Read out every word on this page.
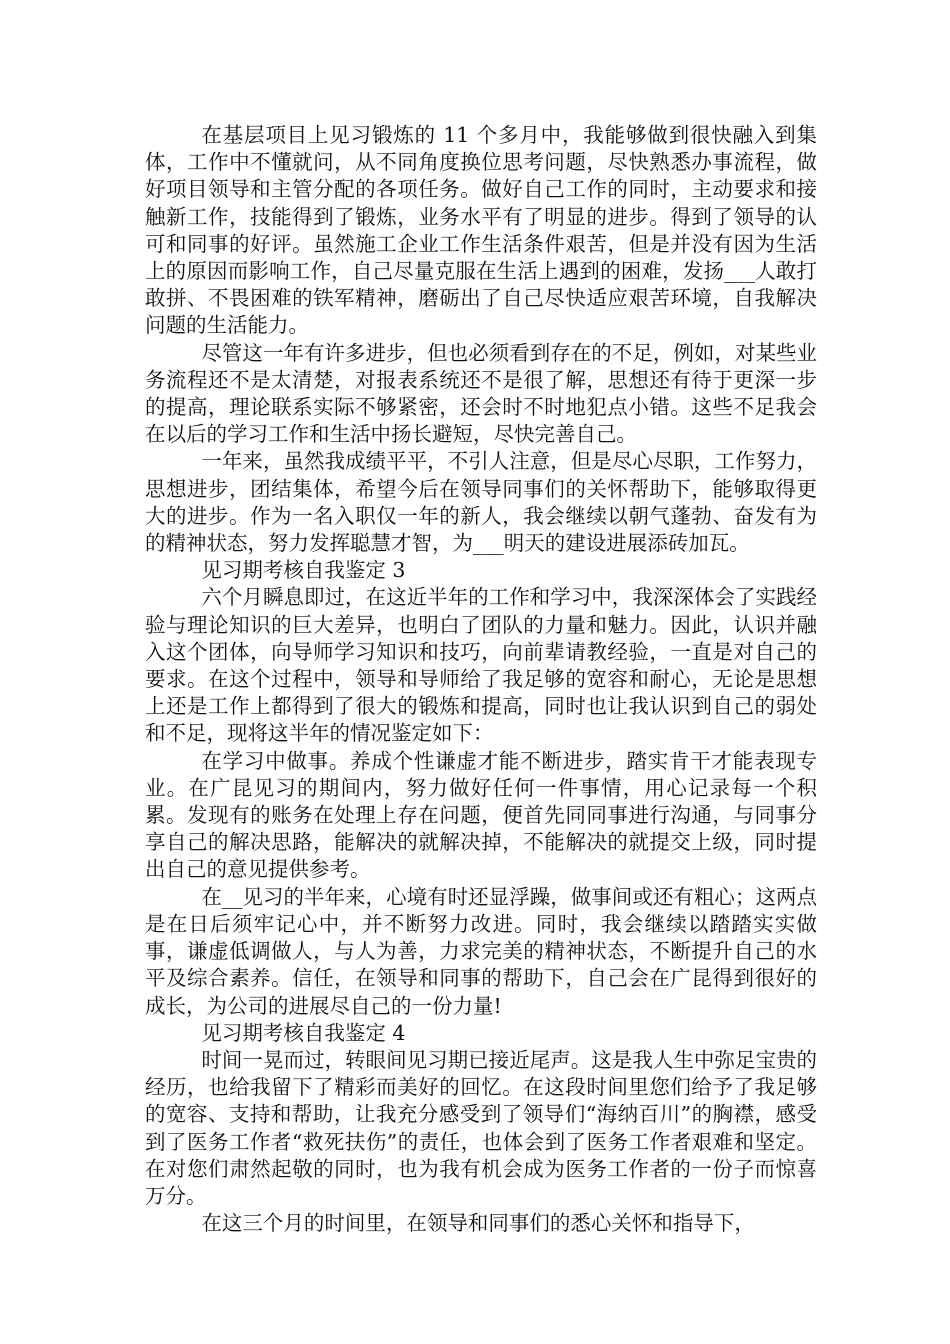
在基层项目上见习锻炼的 11 个多月中，我能够做到很快融入到集体，工作中不懂就问，从不同角度换位思考问题，尽快熟悉办事流程，做好项目领导和主管分配的各项任务。做好自己工作的同时，主动要求和接触新工作，技能得到了锻炼，业务水平有了明显的进步。得到了领导的认可和同事的好评。虽然施工企业工作生活条件艰苦，但是并没有因为生活上的原因而影响工作，自己尽量克服在生活上遇到的困难，发扬___人敢打敢拼、不畏困难的铁军精神，磨砺出了自己尽快适应艰苦环境，自我解决问题的生活能力。

尽管这一年有许多进步，但也必须看到存在的不足，例如，对某些业务流程还不是太清楚，对报表系统还不是很了解，思想还有待于更深一步的提高，理论联系实际不够紧密，还会时不时地犯点小错。这些不足我会在以后的学习工作和生活中扬长避短，尽快完善自己。

一年来，虽然我成绩平平，不引人注意，但是尽心尽职，工作努力，思想进步，团结集体，希望今后在领导同事们的关怀帮助下，能够取得更大的进步。作为一名入职仅一年的新人，我会继续以朝气蓬勃、奋发有为的精神状态，努力发挥聪慧才智，为___明天的建设进展添砖加瓦。

见习期考核自我鉴定 3

六个月瞬息即过，在这近半年的工作和学习中，我深深体会了实践经验与理论知识的巨大差异，也明白了团队的力量和魅力。因此，认识并融入这个团体，向导师学习知识和技巧，向前辈请教经验，一直是对自己的要求。在这个过程中，领导和导师给了我足够的宽容和耐心，无论是思想上还是工作上都得到了很大的锻炼和提高，同时也让我认识到自己的弱处和不足，现将这半年的情况鉴定如下：

在学习中做事。养成个性谦虚才能不断进步，踏实肯干才能表现专业。在广昆见习的期间内，努力做好任何一件事情，用心记录每一个积累。发现有的账务在处理上存在问题，便首先同同事进行沟通，与同事分享自己的解决思路，能解决的就解决掉，不能解决的就提交上级，同时提出自己的意见提供参考。

在__见习的半年来，心境有时还显浮躁，做事间或还有粗心；这两点是在日后须牢记心中，并不断努力改进。同时，我会继续以踏踏实实做事，谦虚低调做人，与人为善，力求完美的精神状态，不断提升自己的水平及综合素养。信任，在领导和同事的帮助下，自己会在广昆得到很好的成长，为公司的进展尽自己的一份力量!

见习期考核自我鉴定 4

时间一晃而过，转眼间见习期已接近尾声。这是我人生中弥足宝贵的经历，也给我留下了精彩而美好的回忆。在这段时间里您们给予了我足够的宽容、支持和帮助，让我充分感受到了领导们“海纳百川”的胸襟，感受到了医务工作者“救死扶伤”的责任，也体会到了医务工作者艰难和坚定。在对您们肃然起敬的同时，也为我有机会成为医务工作者的一份子而惊喜万分。

在这三个月的时间里，在领导和同事们的悉心关怀和指导下，
